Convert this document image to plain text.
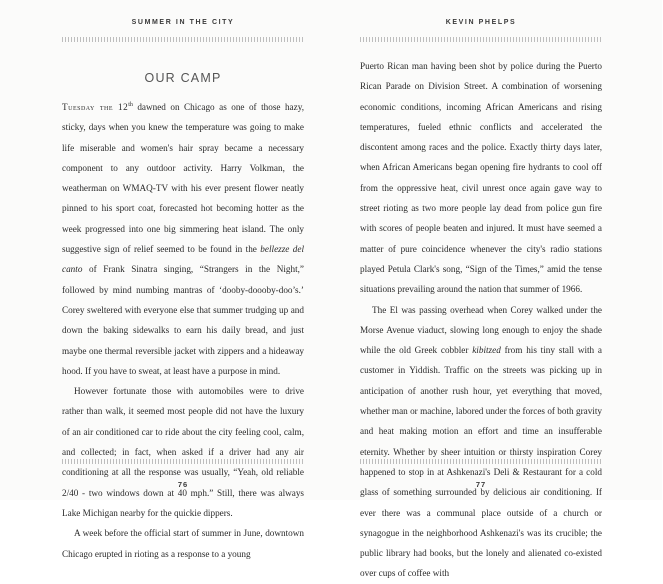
SUMMER IN THE CITY
OUR CAMP

Tuesday the 12th dawned on Chicago as one of those hazy, sticky, days when you knew the temperature was going to make life miserable and women's hair spray became a necessary component to any outdoor activity. Harry Volkman, the weatherman on WMAQ-TV with his ever present flower neatly pinned to his sport coat, forecasted hot becoming hotter as the week progressed into one big simmering heat island. The only suggestive sign of relief seemed to be found in the bellezze del canto of Frank Sinatra singing, “Strangers in the Night,” followed by mind numbing mantras of ‘dooby-doooby-doo’s.’ Corey sweltered with everyone else that summer trudging up and down the baking sidewalks to earn his daily bread, and just maybe one thermal reversible jacket with zippers and a hideaway hood. If you have to sweat, at least have a purpose in mind.

However fortunate those with automobiles were to drive rather than walk, it seemed most people did not have the luxury of an air conditioned car to ride about the city feeling cool, calm, and collected; in fact, when asked if a driver had any air conditioning at all the response was usually, “Yeah, old reliable 2/40 - two windows down at 40 mph.” Still, there was always Lake Michigan nearby for the quickie dippers.

A week before the official start of summer in June, downtown Chicago erupted in rioting as a response to a young

76
KEVIN PHELPS

Puerto Rican man having been shot by police during the Puerto Rican Parade on Division Street. A combination of worsening economic conditions, incoming African Americans and rising temperatures, fueled ethnic conflicts and accelerated the discontent among races and the police. Exactly thirty days later, when African Americans began opening fire hydrants to cool off from the oppressive heat, civil unrest once again gave way to street rioting as two more people lay dead from police gun fire with scores of people beaten and injured. It must have seemed a matter of pure coincidence whenever the city's radio stations played Petula Clark's song, “Sign of the Times,” amid the tense situations prevailing around the nation that summer of 1966.

The El was passing overhead when Corey walked under the Morse Avenue viaduct, slowing long enough to enjoy the shade while the old Greek cobbler kibitzed from his tiny stall with a customer in Yiddish. Traffic on the streets was picking up in anticipation of another rush hour, yet everything that moved, whether man or machine, labored under the forces of both gravity and heat making motion an effort and time an insufferable eternity. Whether by sheer intuition or thirsty inspiration Corey happened to stop in at Ashkenazi's Deli & Restaurant for a cold glass of something surrounded by delicious air conditioning. If ever there was a communal place outside of a church or synagogue in the neighborhood Ashkenazi's was its crucible; the public library had books, but the lonely and alienated co-existed over cups of coffee with

77
